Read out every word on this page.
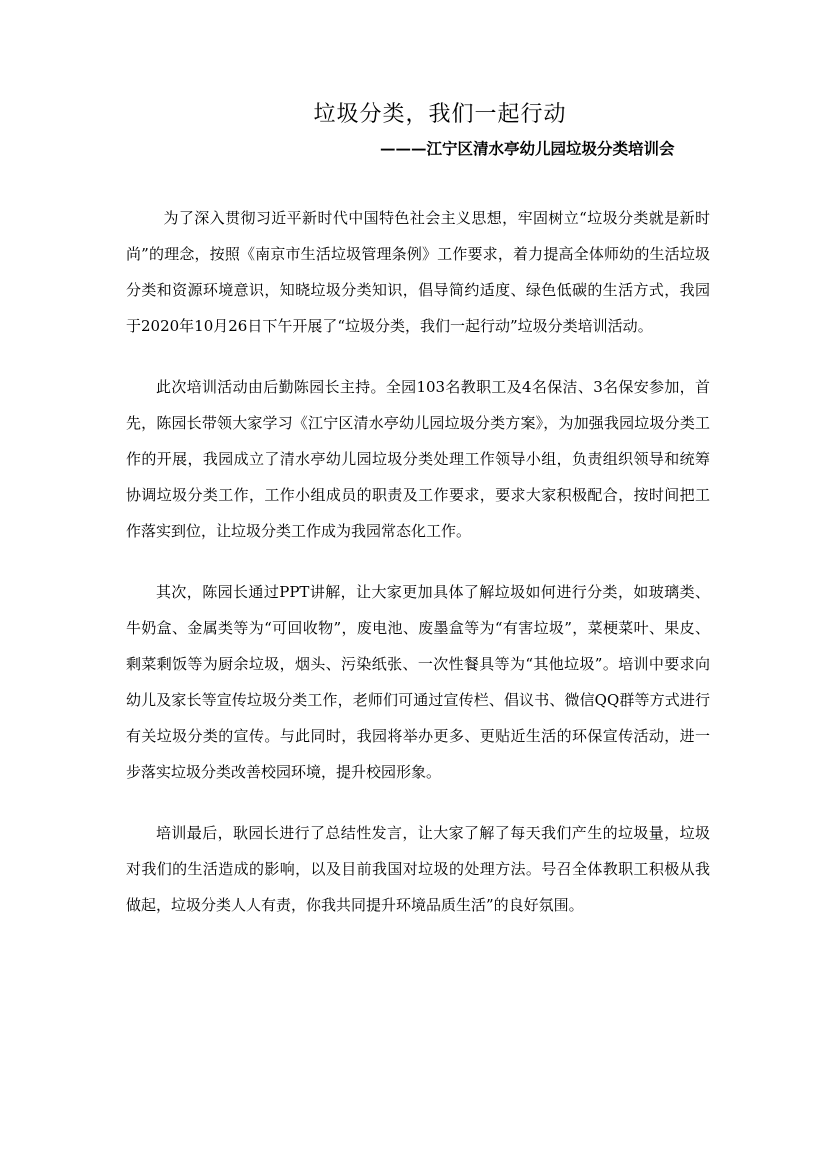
垃圾分类，我们一起行动
———江宁区清水亭幼儿园垃圾分类培训会

为了深入贯彻习近平新时代中国特色社会主义思想，牢固树立“垃圾分类就是新时尚”的理念，按照《南京市生活垃圾管理条例》工作要求，着力提高全体师幼的生活垃圾分类和资源环境意识，知晓垃圾分类知识，倡导简约适度、绿色低碳的生活方式，我园于2020年10月26日下午开展了“垃圾分类，我们一起行动”垃圾分类培训活动。

此次培训活动由后勤陈园长主持。全园103名教职工及4名保洁、3名保安参加，首先，陈园长带领大家学习《江宁区清水亭幼儿园垃圾分类方案》，为加强我园垃圾分类工作的开展，我园成立了清水亭幼儿园垃圾分类处理工作领导小组，负责组织领导和统筹协调垃圾分类工作，工作小组成员的职责及工作要求，要求大家积极配合，按时间把工作落实到位，让垃圾分类工作成为我园常态化工作。

其次，陈园长通过PPT讲解，让大家更加具体了解垃圾如何进行分类，如玻璃类、牛奶盒、金属类等为“可回收物”，废电池、废墨盒等为“有害垃圾”，菜梗菜叶、果皮、剩菜剩饭等为厨余垃圾，烟头、污染纸张、一次性餐具等为“其他垃圾”。培训中要求向幼儿及家长等宣传垃圾分类工作，老师们可通过宣传栏、倡议书、微信QQ群等方式进行有关垃圾分类的宣传。与此同时，我园将举办更多、更贴近生活的环保宣传活动，进一步落实垃圾分类改善校园环境，提升校园形象。

培训最后，耿园长进行了总结性发言，让大家了解了每天我们产生的垃圾量，垃圾对我们的生活造成的影响，以及目前我国对垃圾的处理方法。号召全体教职工积极从我做起，垃圾分类人人有责，你我共同提升环境品质生活”的良好氛围。
